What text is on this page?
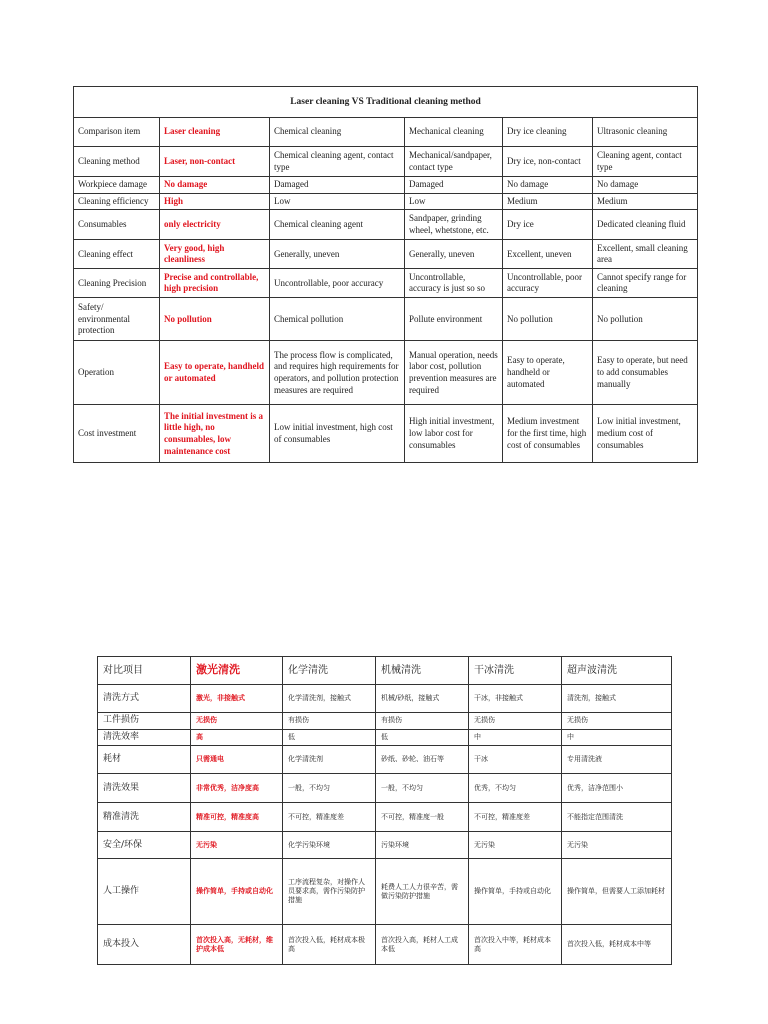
Laser cleaning VS Traditional cleaning method					
Comparison item	Laser cleaning	Chemical cleaning	Mechanical cleaning	Dry ice cleaning	Ultrasonic cleaning
Cleaning method	Laser, non-contact	Chemical cleaning agent, contact type	Mechanical/sandpaper, contact type	Dry ice, non-contact	Cleaning agent, contact type
Workpiece damage	No damage	Damaged	Damaged	No damage	No damage
Cleaning efficiency	High	Low	Low	Medium	Medium
Consumables	only electricity	Chemical cleaning agent	Sandpaper, grinding wheel, whetstone, etc.	Dry ice	Dedicated cleaning fluid
Cleaning effect	Very good, high cleanliness	Generally, uneven	Generally, uneven	Excellent, uneven	Excellent, small cleaning area
Cleaning Precision	Precise and controllable, high precision	Uncontrollable, poor accuracy	Uncontrollable, accuracy is just so so	Uncontrollable, poor accuracy	Cannot specify range for cleaning
Safety/ environmental protection	No pollution	Chemical pollution	Pollute environment	No pollution	No pollution
Operation	Easy to operate, handheld or automated	The process flow is complicated, and requires high requirements for operators, and pollution protection measures are required	Manual operation, needs labor cost, pollution prevention measures are required	Easy to operate, handheld or automated	Easy to operate, but need to add consumables manually
Cost investment	The initial investment is a little high, no consumables, low maintenance cost	Low initial investment, high cost of consumables	High initial investment, low labor cost for consumables	Medium investment for the first time, high cost of consumables	Low initial investment, medium cost of consumables
对比项目	激光清洗	化学清洗	机械清洗	干冰清洗	超声波清洗
清洗方式	激光，非接触式	化学清洗剂，接触式	机械/砂纸，接触式	干冰，非接触式	清洗剂，接触式
工件损伤	无损伤	有损伤	有损伤	无损伤	无损伤
清洗效率	高	低	低	中	中
耗材	只需通电	化学清洗剂	砂纸、砂轮、油石等	干冰	专用清洗液
清洗效果	非常优秀，洁净度高	一般，不均匀	一般，不均匀	优秀，不均匀	优秀，洁净范围小
精准清洗	精准可控，精准度高	不可控，精准度差	不可控，精准度一般	不可控，精准度差	不能指定范围清洗
安全/环保	无污染	化学污染环境	污染环境	无污染	无污染
人工操作	操作简单，手持或自动化	工序流程复杂，对操作人员要求高，需作污染防护措施	耗费人工人力很辛苦，需做污染防护措施	操作简单，手持或自动化	操作简单，但需要人工添加耗材
成本投入	首次投入高，无耗材，维护成本低	首次投入低，耗材成本极高	首次投入高，耗材人工成本低	首次投入中等，耗材成本高	首次投入低，耗材成本中等
